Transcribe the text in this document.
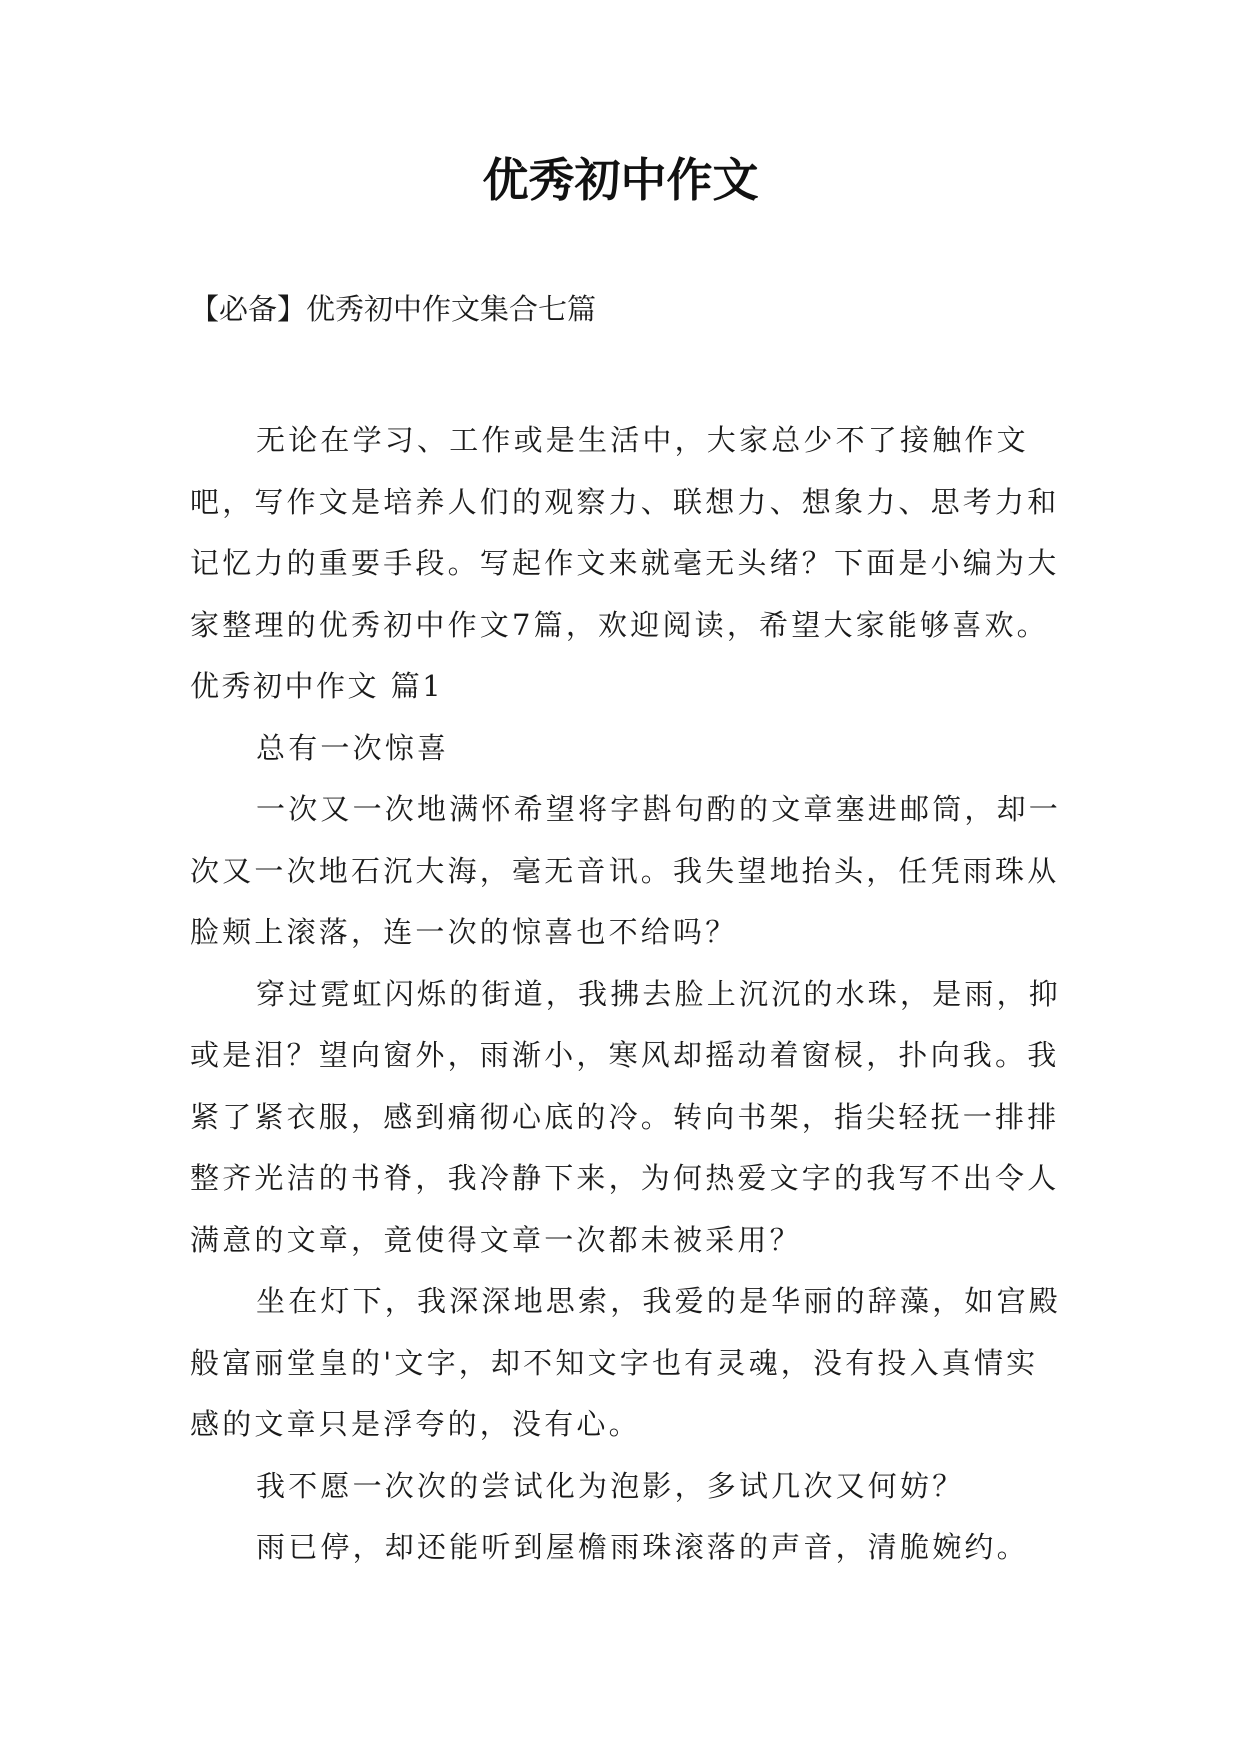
优秀初中作文

【必备】优秀初中作文集合七篇

无论在学习、工作或是生活中，大家总少不了接触作文吧，写作文是培养人们的观察力、联想力、想象力、思考力和记忆力的重要手段。写起作文来就毫无头绪？下面是小编为大家整理的优秀初中作文7篇，欢迎阅读，希望大家能够喜欢。

优秀初中作文 篇1

总有一次惊喜

一次又一次地满怀希望将字斟句酌的文章塞进邮筒，却一次又一次地石沉大海，毫无音讯。我失望地抬头，任凭雨珠从脸颊上滚落，连一次的惊喜也不给吗？

穿过霓虹闪烁的街道，我拂去脸上沉沉的水珠，是雨，抑或是泪？望向窗外，雨渐小，寒风却摇动着窗棂，扑向我。我紧了紧衣服，感到痛彻心底的冷。转向书架，指尖轻抚一排排整齐光洁的书脊，我冷静下来，为何热爱文字的我写不出令人满意的文章，竟使得文章一次都未被采用？

坐在灯下，我深深地思索，我爱的是华丽的辞藻，如宫殿般富丽堂皇的'文字，却不知文字也有灵魂，没有投入真情实感的文章只是浮夸的，没有心。

我不愿一次次的尝试化为泡影，多试几次又何妨？

雨已停，却还能听到屋檐雨珠滚落的声音，清脆婉约。
